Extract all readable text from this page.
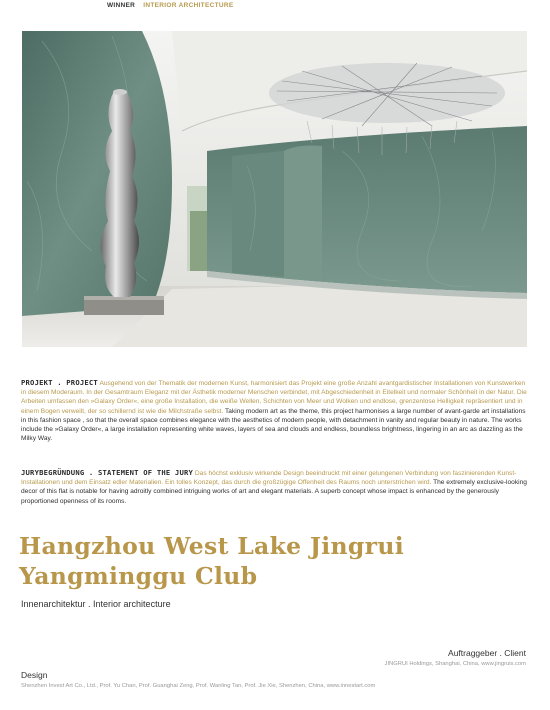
WINNER INTERIOR ARCHITECTURE
PROJEKT . PROJECT Ausgehend von der Thematik der modernen Kunst, harmonisiert das Projekt eine große Anzahl avantgardistischer Installationen von Kunstwerken in diesem Moderaum. In der Gesamtraum Eleganz mit der Ästhetik moderner Menschen verbindet, mit Abgeschiedenheit in Eitelkeit und normaler Schönheit in der Natur. Die Arbeiten umfassen den »Galaxy Order«, eine große Installation, die weiße Wellen, Schichten von Meer und Wolken und endlose, grenzenlose Helligkeit repräsentiert und in einem Bogen verweilt, der so schillernd ist wie die Milchstraße selbst. Taking modern art as the theme, this project harmonises a large number of avant-garde art installations in this fashion space , so that the overall space combines elegance with the aesthetics of modern people, with detachment in vanity and regular beauty in nature. The works include the »Galaxy Order«, a large installation representing white waves, layers of sea and clouds and endless, boundless brightness, lingering in an arc as dazzling as the Milky Way.
JURYBEGRÜNDUNG . STATEMENT OF THE JURY Das höchst exklusiv wirkende Design beeindruckt mit einer gelungenen Verbindung von faszinierenden Kunst-Installationen und dem Einsatz edler Materialien. Ein tolles Konzept, das durch die großzügige Offenheit des Raums noch unterstrichen wird. The extremely exclusive-looking decor of this flat is notable for having adroitly combined intriguing works of art and elegant materials. A superb concept whose impact is enhanced by the generously proportioned openness of its rooms.
Hangzhou West Lake Jingrui
Yangminggu Club
Innenarchitektur . Interior architecture
Auftraggeber . Client
JINGRUI Holdings, Shanghai, China, www.jingruis.com
Design
Shenzhen Invest Art Co., Ltd., Prof. Yu Chan, Prof. Guanghai Zeng, Prof. Wanling Tan, Prof. Jie Xie, Shenzhen, China, www.innestart.com
